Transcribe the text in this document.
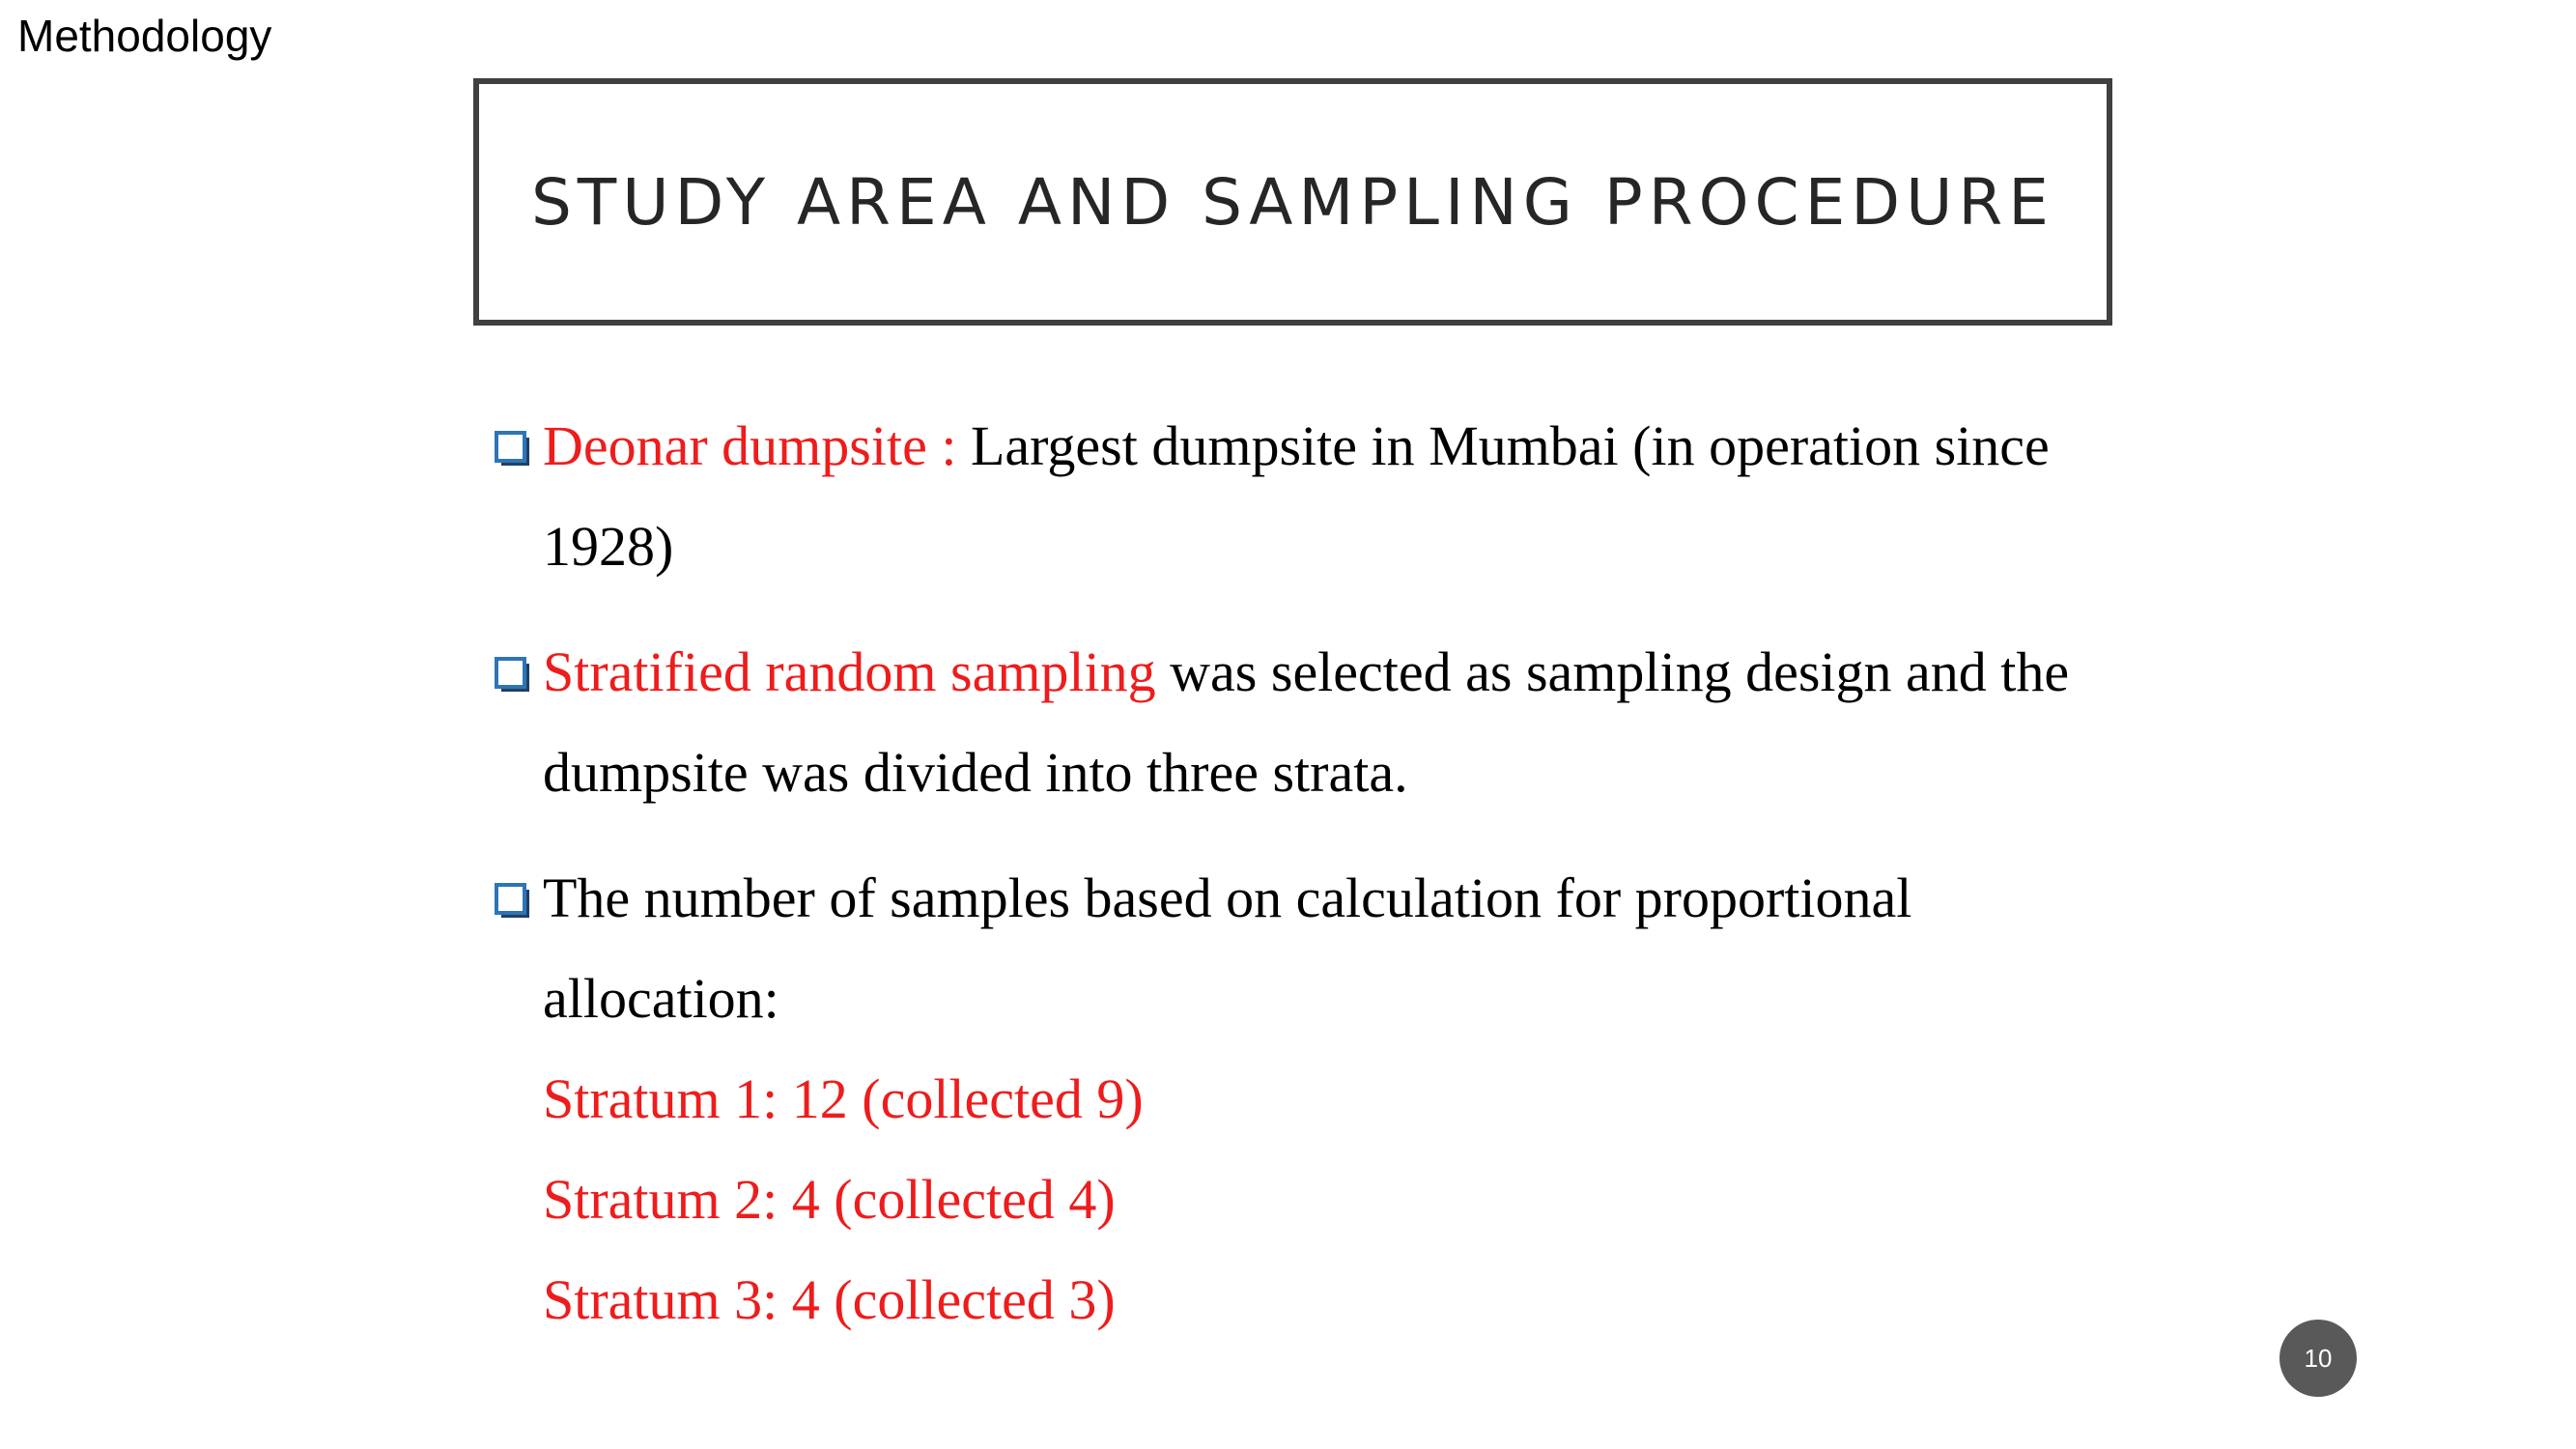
Methodology
STUDY AREA AND SAMPLING PROCEDURE
Deonar dumpsite : Largest dumpsite in Mumbai (in operation since 1928)
Stratified random sampling was selected as sampling design and the dumpsite was divided into three strata.
The number of samples based on calculation for proportional allocation:
Stratum 1: 12 (collected 9)
Stratum 2: 4 (collected 4)
Stratum 3: 4 (collected 3)
10
